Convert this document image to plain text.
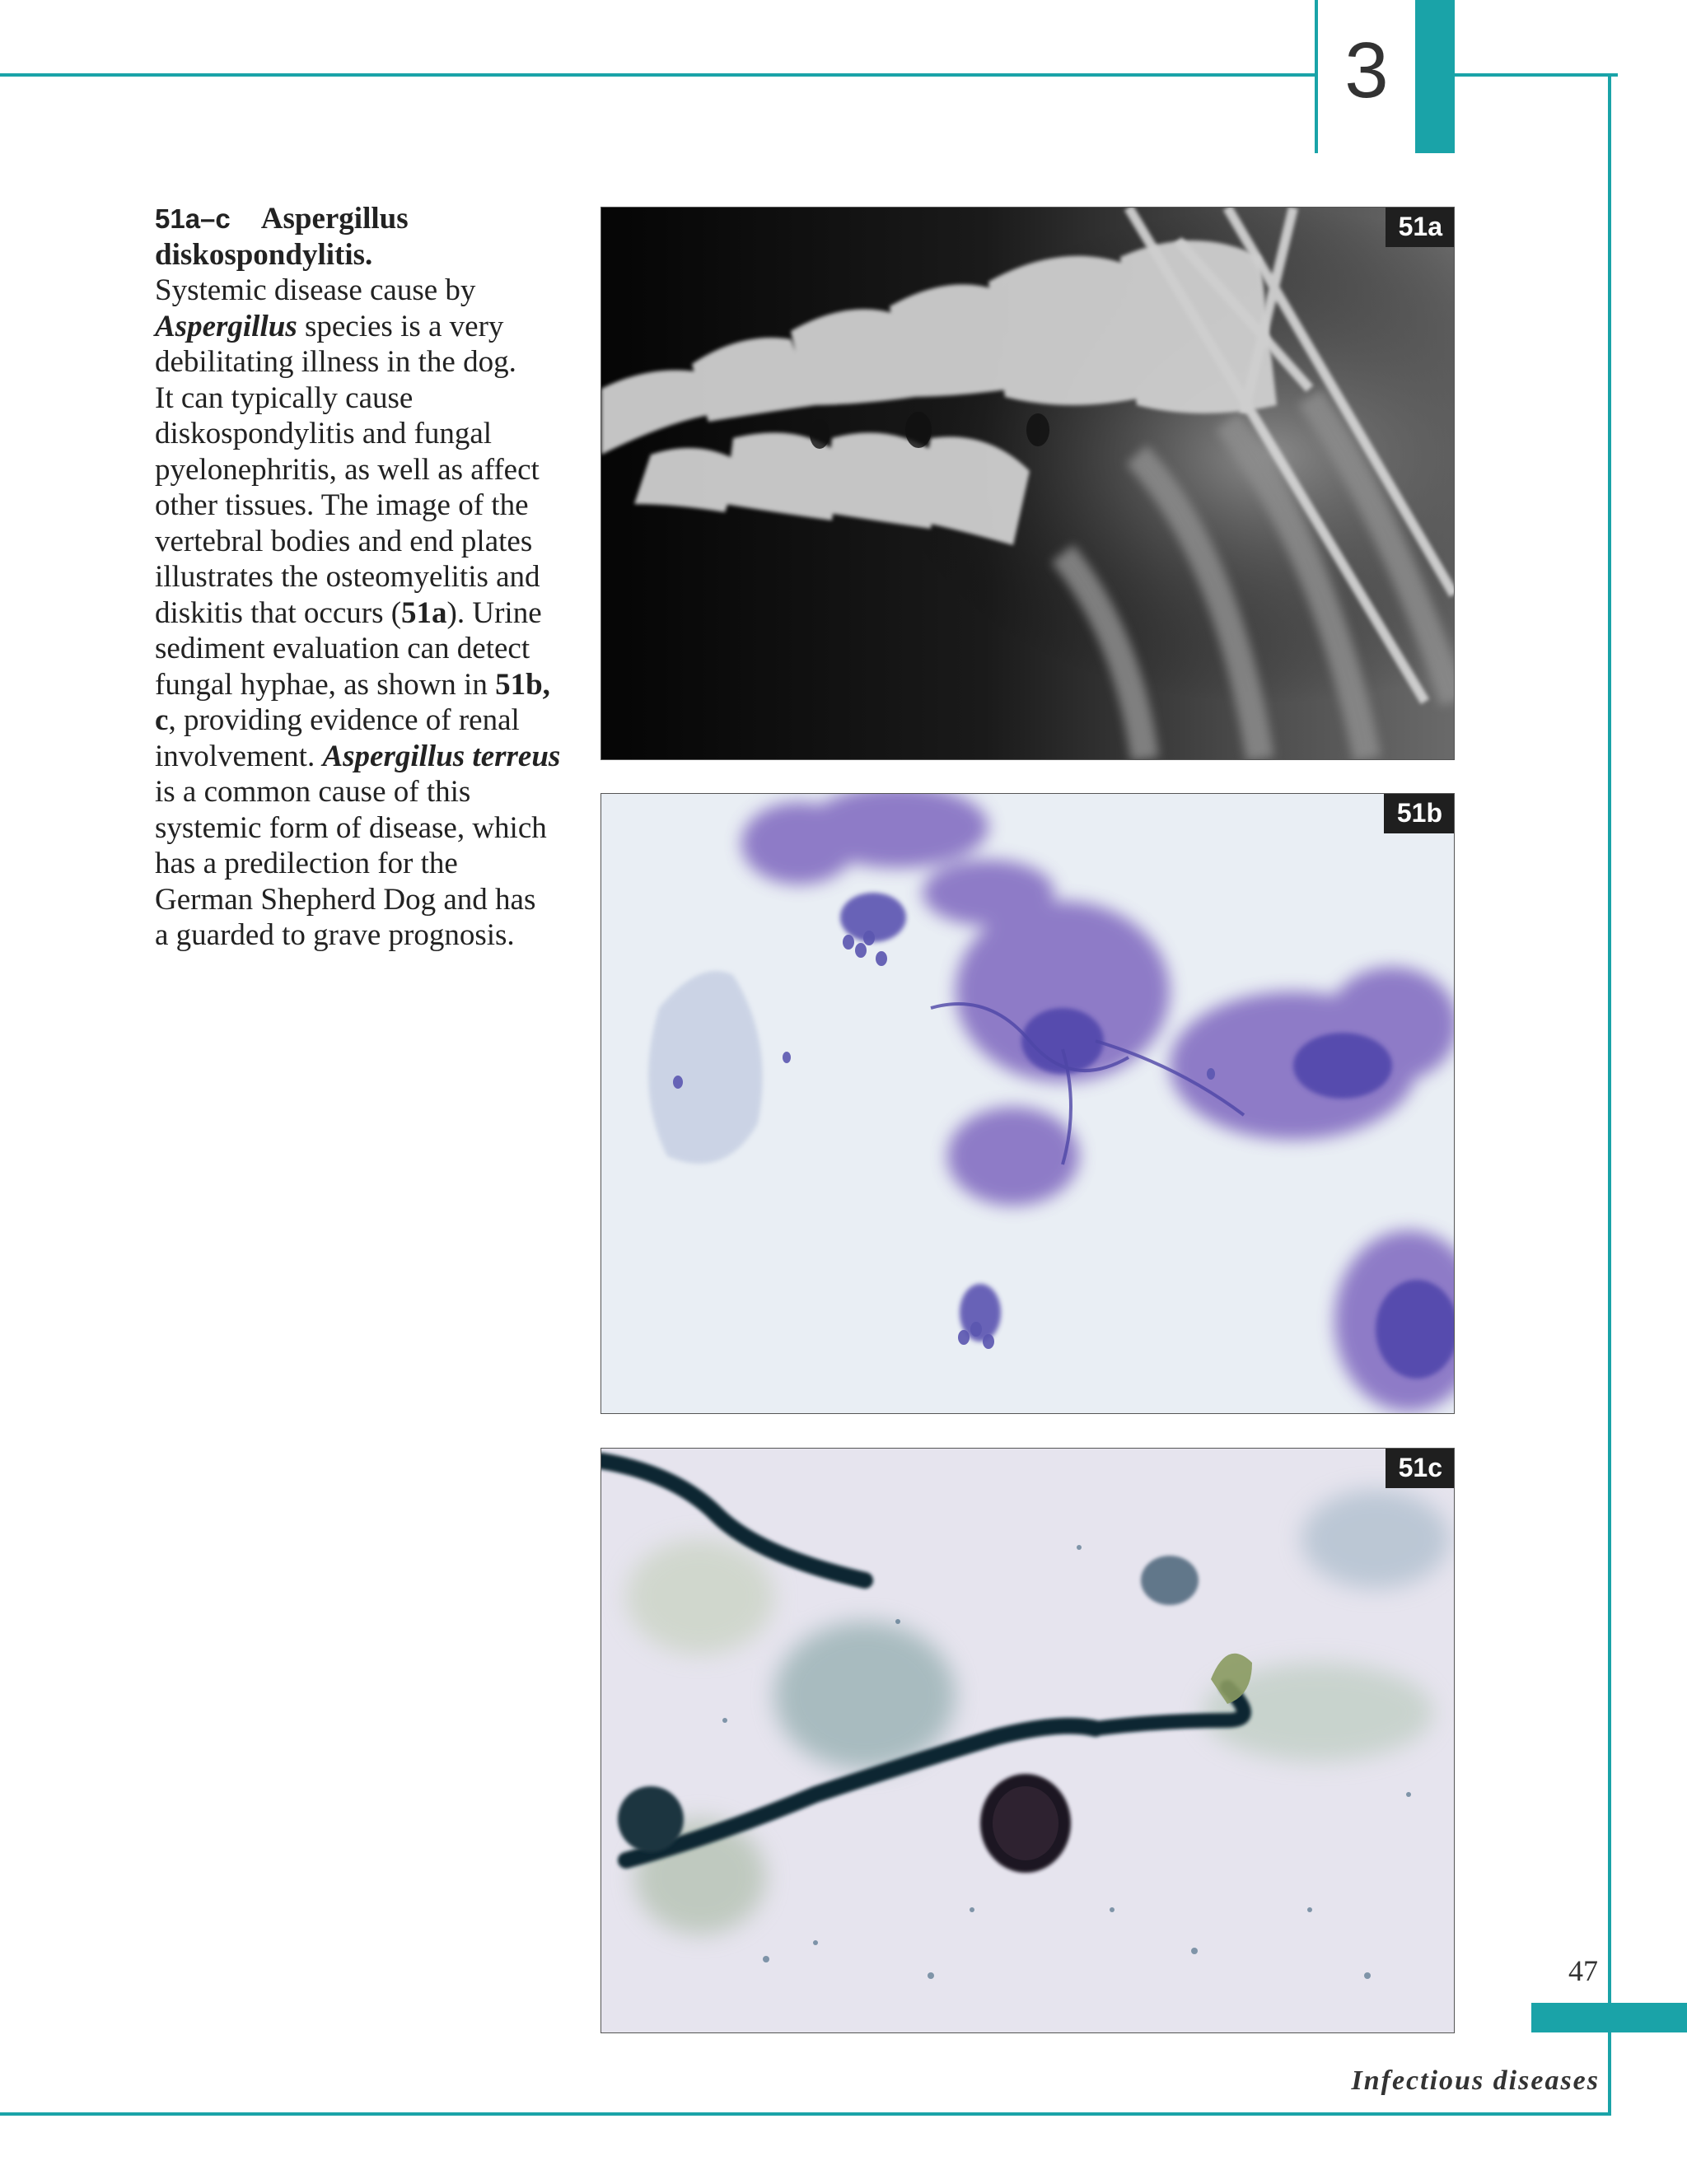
3
51a–c Aspergillus
diskospondylitis.
Systemic disease cause by
Aspergillus species is a very
debilitating illness in the dog.
It can typically cause
diskospondylitis and fungal
pyelonephritis, as well as affect
other tissues. The image of the
vertebral bodies and end plates
illustrates the osteomyelitis and
diskitis that occurs (51a). Urine
sediment evaluation can detect
fungal hyphae, as shown in 51b,
c, providing evidence of renal
involvement. Aspergillus terreus
is a common cause of this
systemic form of disease, which
has a predilection for the
German Shepherd Dog and has
a guarded to grave prognosis.
51a
51b
51c
47
Infectious diseases
